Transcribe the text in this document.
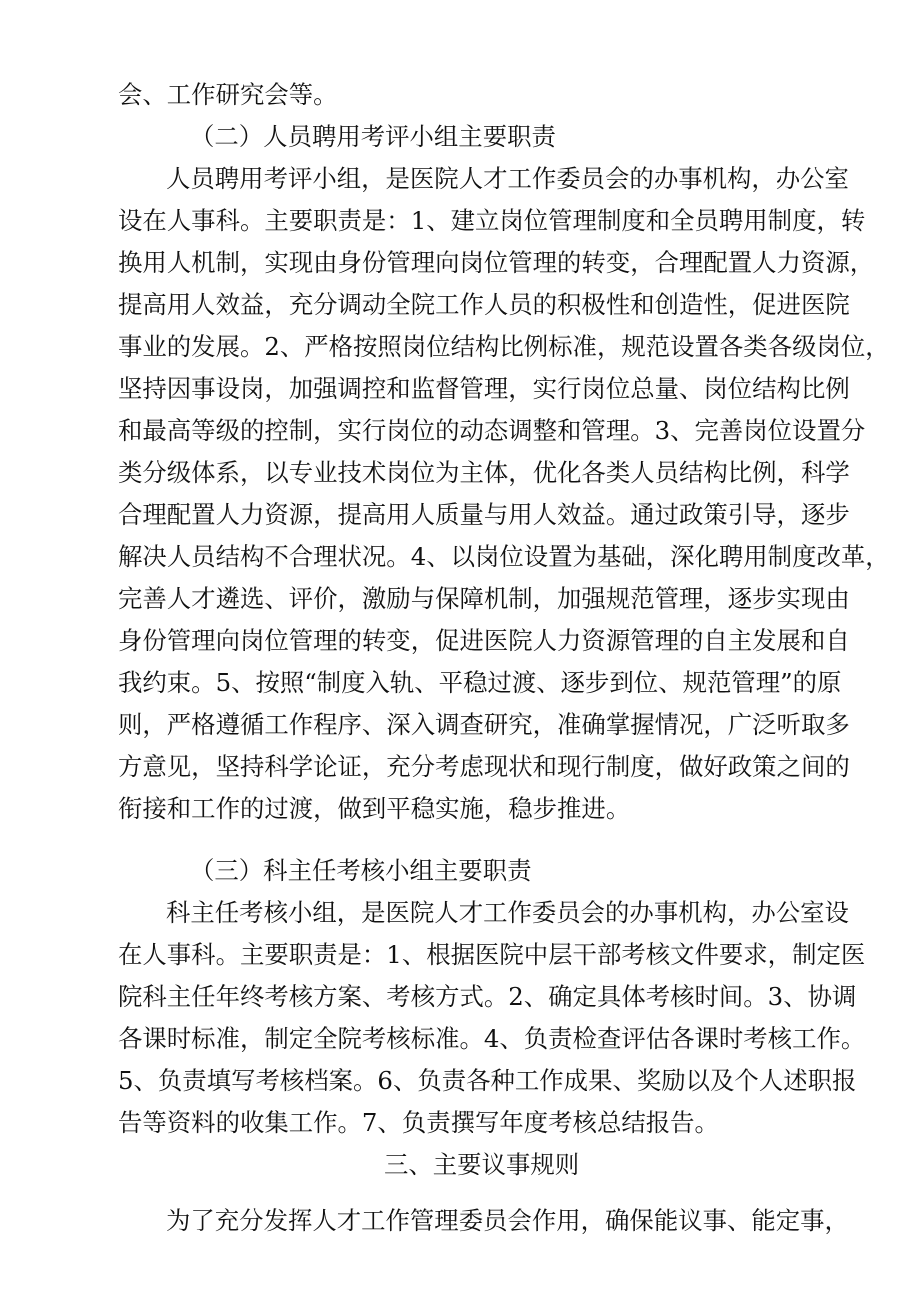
会、工作研究会等。
（二）人员聘用考评小组主要职责
人员聘用考评小组，是医院人才工作委员会的办事机构，办公室
设在人事科。主要职责是：1、建立岗位管理制度和全员聘用制度，转
换用人机制，实现由身份管理向岗位管理的转变，合理配置人力资源，
提高用人效益，充分调动全院工作人员的积极性和创造性，促进医院
事业的发展。2、严格按照岗位结构比例标准，规范设置各类各级岗位，
坚持因事设岗，加强调控和监督管理，实行岗位总量、岗位结构比例
和最高等级的控制，实行岗位的动态调整和管理。3、完善岗位设置分
类分级体系，以专业技术岗位为主体，优化各类人员结构比例，科学
合理配置人力资源，提高用人质量与用人效益。通过政策引导，逐步
解决人员结构不合理状况。4、以岗位设置为基础，深化聘用制度改革，
完善人才遴选、评价，激励与保障机制，加强规范管理，逐步实现由
身份管理向岗位管理的转变，促进医院人力资源管理的自主发展和自
我约束。5、按照“制度入轨、平稳过渡、逐步到位、规范管理”的原
则，严格遵循工作程序、深入调查研究，准确掌握情况，广泛听取多
方意见，坚持科学论证，充分考虑现状和现行制度，做好政策之间的
衔接和工作的过渡，做到平稳实施，稳步推进。
（三）科主任考核小组主要职责
科主任考核小组，是医院人才工作委员会的办事机构，办公室设
在人事科。主要职责是：1、根据医院中层干部考核文件要求，制定医
院科主任年终考核方案、考核方式。2、确定具体考核时间。3、协调
各课时标准，制定全院考核标准。4、负责检查评估各课时考核工作。
5、负责填写考核档案。6、负责各种工作成果、奖励以及个人述职报
告等资料的收集工作。7、负责撰写年度考核总结报告。
三、主要议事规则
为了充分发挥人才工作管理委员会作用，确保能议事、能定事，
